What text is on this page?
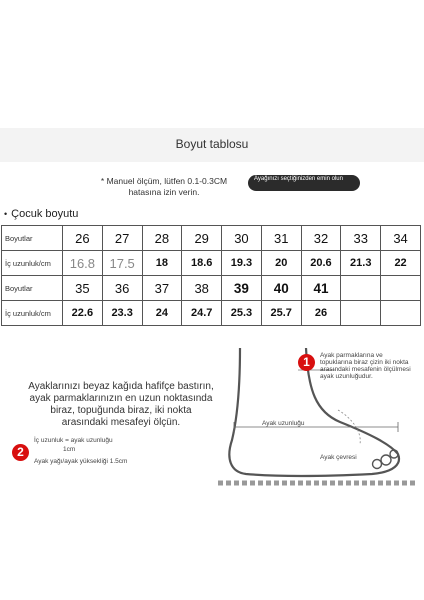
Boyut tablosu
* Manuel ölçüm, lütfen 0.1-0.3CM hatasına izin verin.
Ayağınızı seçtiğinizden emin olun
• Çocuk boyutu
Boyutlar	26	27	28	29	30	31	32	33	34
İç uzunluk/cm	16.8	17.5	18	18.6	19.3	20	20.6	21.3	22
Boyutlar	35	36	37	38	39	40	41		
İç uzunluk/cm	22.6	23.3	24	24.7	25.3	25.7	26		
Ayaklarınızı beyaz kağıda hafifçe bastırın, ayak parmaklarınızın en uzun noktasında biraz, topuğunda biraz, iki nokta arasındaki mesafeyi ölçün.
2
İç uzunluk = ayak uzunluğu
1cm
Ayak yağı/ayak yüksekliği 1.5cm
1	Ayak parmaklarına ve topuklarına biraz çizin iki nokta arasındaki mesafenin ölçülmesi ayak uzunluğudur.
Ayak uzunluğu
Ayak çevresi
